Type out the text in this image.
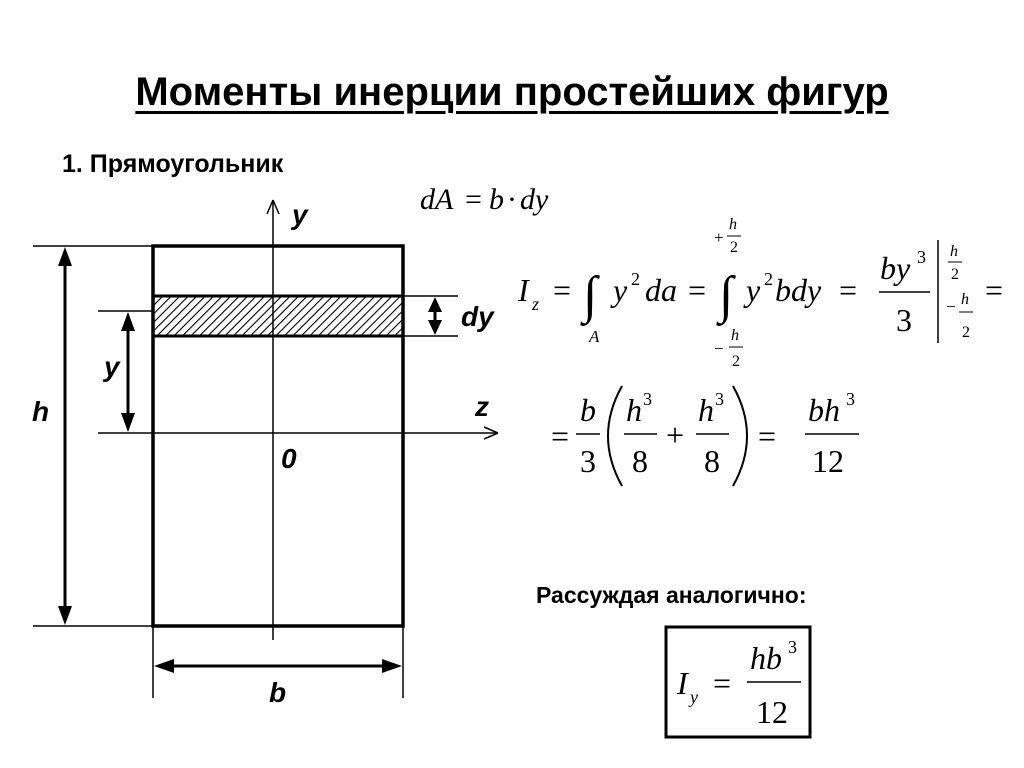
Моменты инерции простейших фигур
1. Прямоугольник
Рассуждая аналогично:
y
z
0
h
b
y
dy
dA = b · dy
I z = ∫
A
y 2 da =
+
h
2
∫
−
h
2
y 2 bdy =
by 3
3
h
2
− h
2
=
=
b
3
h 3
8
+
h 3
8
=
bh 3
12
I y =
hb 3
12
